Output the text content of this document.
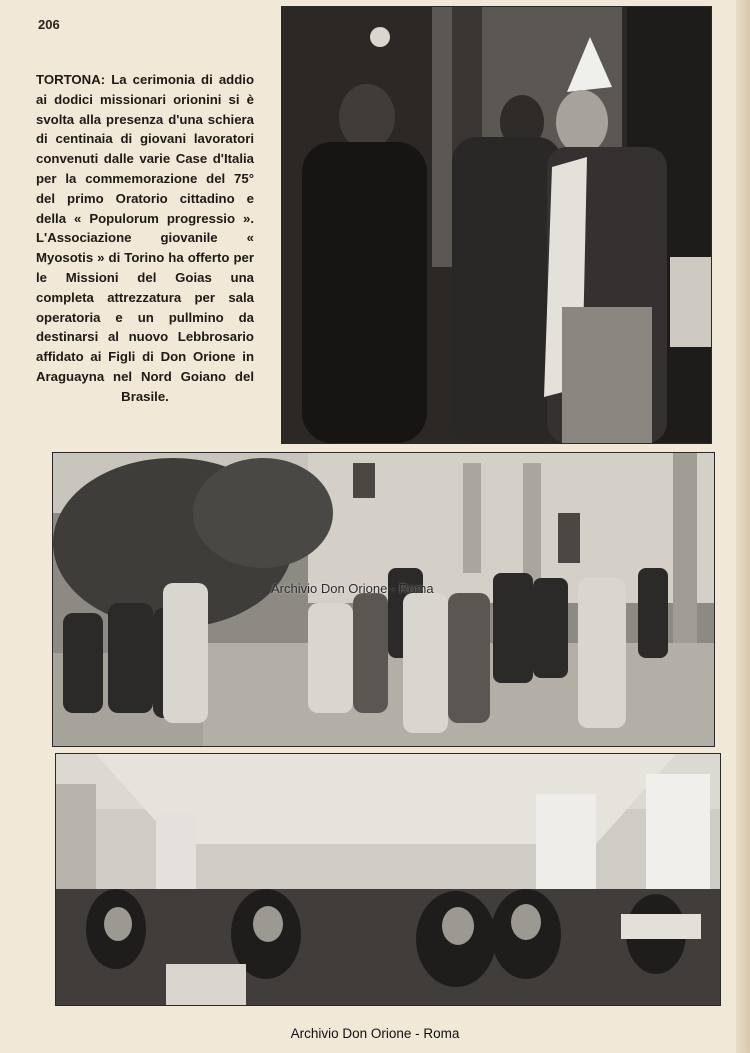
206
TORTONA: La cerimonia di addio ai dodici missionari orionini si è svolta alla presenza d'una schiera di centinaia di giovani lavoratori convenuti dalle varie Case d'Italia per la commemorazione del 75° del primo Oratorio cittadino e della « Populorum progressio ». L'Associazione giovanile « Myosotis » di Torino ha offerto per le Missioni del Goias una completa attrezzatura per sala operatoria e un pullmino da destinarsi al nuovo Lebbrosario affidato ai Figli di Don Orione in Araguayna nel Nord Goiano del Brasile.
Archivio Don Orione - Roma
Archivio Don Orione - Roma
